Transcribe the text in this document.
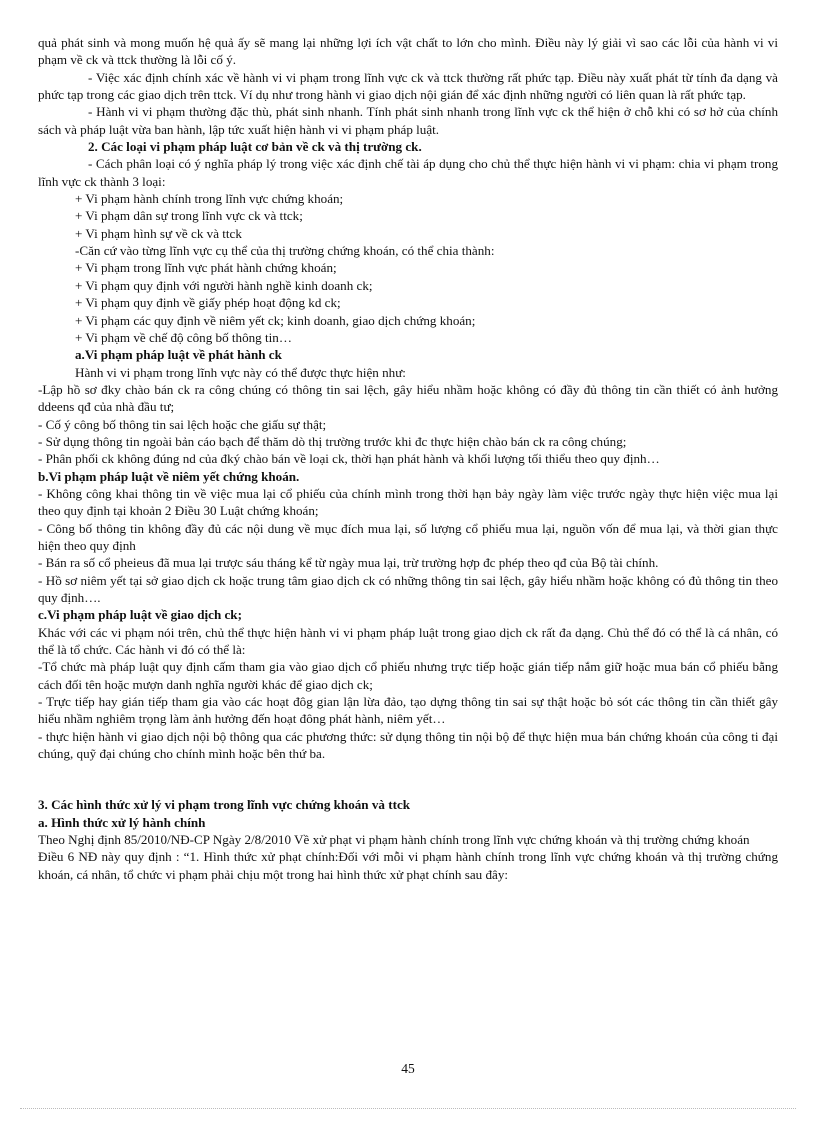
quả phát sinh và mong muốn hệ quả ấy sẽ mang lại những lợi ích vật chất to lớn cho mình. Điều này lý giải vì sao các lỗi của hành vi vi phạm về ck và ttck thường là lỗi cố ý.
- Việc xác định chính xác về hành vi vi phạm trong lĩnh vực ck và ttck thường rất phức tạp. Điều này xuất phát từ tính đa dạng và phức tạp trong các giao dịch trên ttck. Ví dụ như trong hành vi giao dịch nội gián để xác định những người có liên quan là rất phức tạp.
- Hành vi vi phạm thường đặc thù, phát sinh nhanh. Tính phát sinh nhanh trong lĩnh vực ck thể hiện ở chỗ khi có sơ hở của chính sách và pháp luật vừa ban hành, lập tức xuất hiện hành vi vi phạm pháp luật.
2. Các loại vi phạm pháp luật cơ bản về ck và thị trường ck.
- Cách phân loại có ý nghĩa pháp lý trong việc xác định chế tài áp dụng cho chủ thể thực hiện hành vi vi phạm: chia vi phạm trong lĩnh vực ck thành 3 loại:
+ Vi phạm hành chính trong lĩnh vực chứng khoán;
+ Vi phạm dân sự trong lĩnh vực ck và ttck;
+ Vi phạm hình sự về ck và ttck
-Căn cứ vào từng lĩnh vực cụ thể của thị trường chứng khoán, có thể chia thành:
+ Vi phạm trong lĩnh vực phát hành chứng khoán;
+ Vi phạm quy định với người hành nghề kinh doanh ck;
+ Vi phạm quy định về giấy phép hoạt động kd ck;
+ Vi phạm các quy định về niêm yết ck; kinh doanh, giao dịch chứng khoán;
+ Vi phạm về chế độ công bố thông tin…
a.Vi phạm pháp luật về phát hành ck
Hành vi vi phạm trong lĩnh vực này có thể được thực hiện như:
-Lập hồ sơ đky chào bán ck ra công chúng có thông tin sai lệch, gây hiểu nhầm hoặc không có đầy đủ thông tin cần thiết có ảnh hưởng ddeens qđ của nhà đầu tư;
- Cố ý công bố thông tin sai lệch hoặc che giấu sự thật;
- Sử dụng thông tin ngoài bản cáo bạch để thăm dò thị trường trước khi đc thực hiện chào bán ck ra công chúng;
- Phân phối ck không đúng nd của đký chào bán về loại ck, thời hạn phát hành và khối lượng tối thiểu theo quy định…
b.Vi phạm pháp luật về niêm yết chứng khoán.
- Không công khai thông tin về việc mua lại cổ phiếu của chính mình trong thời hạn bảy ngày làm việc trước ngày thực hiện việc mua lại theo quy định tại khoản 2 Điều 30 Luật chứng khoán;
- Công bố thông tin không đầy đủ các nội dung về mục đích mua lại, số lượng cổ phiếu mua lại, nguồn vốn để mua lại, và thời gian thực hiện theo quy định
- Bán ra số cổ pheieus đã mua lại trược sáu tháng kể từ ngày mua lại, trừ trường hợp đc phép theo qđ của Bộ tài chính.
- Hồ sơ niêm yết tại sở giao dịch ck hoặc trung tâm giao dịch ck có những thông tin sai lệch, gây hiểu nhầm hoặc không có đủ thông tin theo quy định….
c.Vi phạm pháp luật về giao dịch ck;
Khác với các vi phạm nói trên, chủ thể thực hiện hành vi vi phạm pháp luật trong giao dịch ck rất đa dạng. Chủ thể đó có thể là cá nhân, có thể là tổ chức. Các hành vi đó có thể là:
-Tổ chức mà pháp luật quy định cấm tham gia vào giao dịch cổ phiếu nhưng trực tiếp hoặc gián tiếp nắm giữ hoặc mua bán cổ phiếu bằng cách đối tên hoặc mượn danh nghĩa người khác để giao dịch ck;
- Trực tiếp hay gián tiếp tham gia vào các hoạt đôg gian lận lừa đảo, tạo dựng thông tin sai sự thật hoặc bỏ sót các thông tin cần thiết gây hiểu nhầm nghiêm trọng làm ảnh hưởng đến hoạt đông phát hành, niêm yết…
- thực hiện hành vi giao dịch nội bộ thông qua các phương thức: sử dụng thông tin nội bộ để thực hiện mua bán chứng khoán của công ti đại chúng, quỹ đại chúng cho chính mình hoặc bên thứ ba.
3. Các hình thức xử lý vi phạm trong lĩnh vực chứng khoán và ttck
a. Hình thức xử lý hành chính
Theo Nghị định 85/2010/NĐ-CP Ngày 2/8/2010 Về xử phạt vi phạm hành chính trong lĩnh vực chứng khoán và thị trường chứng khoán
Điều 6 NĐ này quy định : “1. Hình thức xử phạt chính:Đối với mỗi vi phạm hành chính trong lĩnh vực chứng khoán và thị trường chứng khoán, cá nhân, tổ chức vi phạm phải chịu một trong hai hình thức xử phạt chính sau đây:
45
